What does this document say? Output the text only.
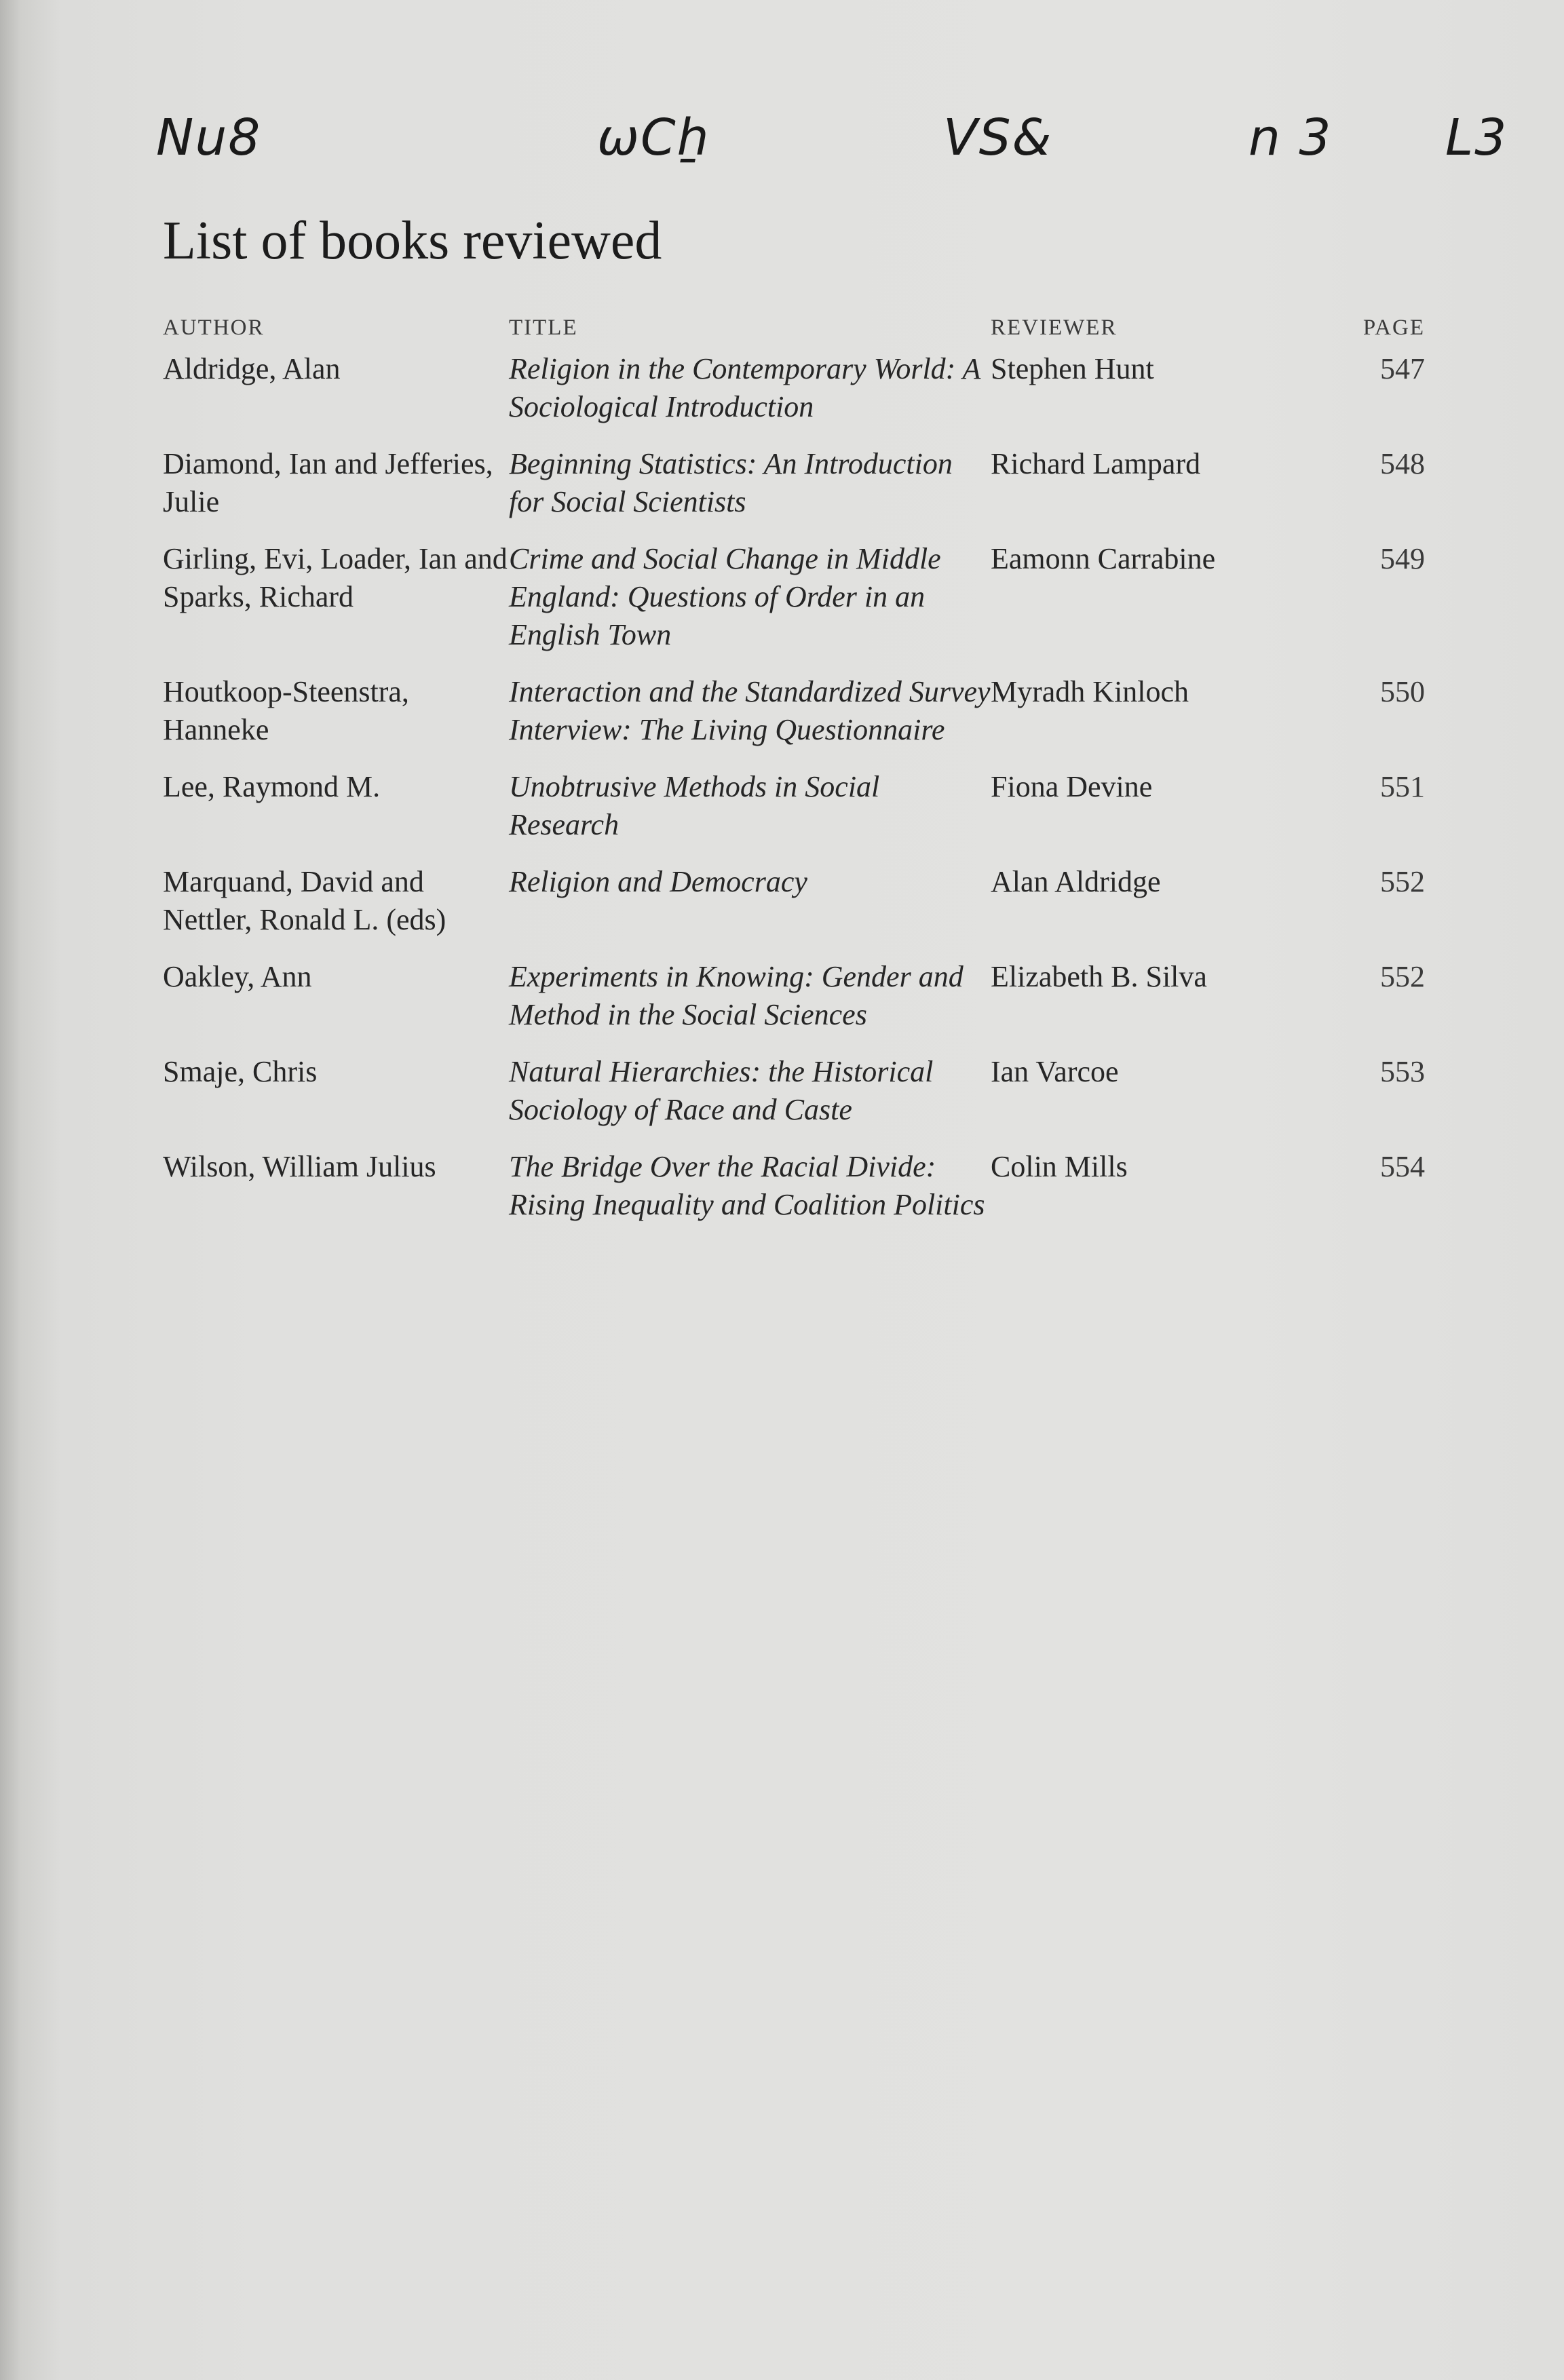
Nu8	ωCẖ	VS&	n 3 L3
List of books reviewed
AUTHOR	TITLE	REVIEWER	PAGE
Aldridge, Alan	Religion in the Contemporary World: A Sociological Introduction	Stephen Hunt	547
Diamond, Ian and Jefferies, Julie	Beginning Statistics: An Introduction for Social Scientists	Richard Lampard	548
Girling, Evi, Loader, Ian and Sparks, Richard	Crime and Social Change in Middle England: Questions of Order in an English Town	Eamonn Carrabine	549
Houtkoop-Steenstra, Hanneke	Interaction and the Standardized Survey Interview: The Living Questionnaire	Myradh Kinloch	550
Lee, Raymond M.	Unobtrusive Methods in Social Research	Fiona Devine	551
Marquand, David and Nettler, Ronald L. (eds)	Religion and Democracy	Alan Aldridge	552
Oakley, Ann	Experiments in Knowing: Gender and Method in the Social Sciences	Elizabeth B. Silva	552
Smaje, Chris	Natural Hierarchies: the Historical Sociology of Race and Caste	Ian Varcoe	553
Wilson, William Julius	The Bridge Over the Racial Divide: Rising Inequality and Coalition Politics	Colin Mills	554
